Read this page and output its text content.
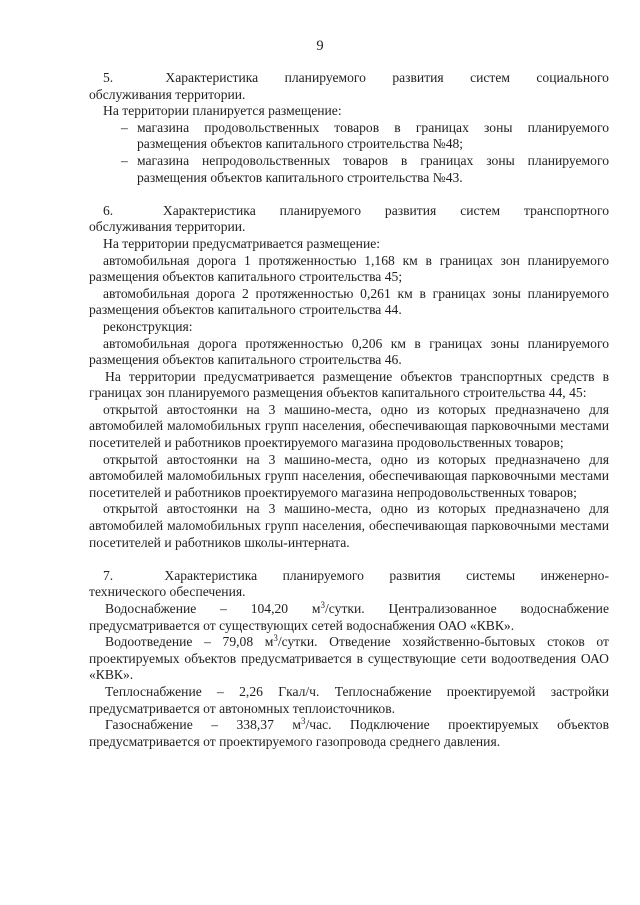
9
5.	Характеристика планируемого развития систем социального

обслуживания территории.

На территории планируется размещение:

– магазина продовольственных товаров в границах зоны планируемого размещения объектов капитального строительства №48;
– магазина непродовольственных товаров в границах зоны планируемого размещения объектов капитального строительства №43.
6.	Характеристика планируемого развития систем транспортного

обслуживания территории.

На территории предусматривается размещение:

автомобильная дорога 1 протяженностью 1,168 км в границах зон планируемого размещения объектов капитального строительства 45;

автомобильная дорога 2 протяженностью 0,261 км в границах зоны планируемого размещения объектов капитального строительства 44.

реконструкция:

автомобильная дорога протяженностью 0,206 км в границах зоны планируемого размещения объектов капитального строительства 46.

На территории предусматривается размещение объектов транспортных средств в границах зон планируемого размещения объектов капитального строительства 44, 45:

открытой автостоянки на 3 машино-места, одно из которых предназначено для автомобилей маломобильных групп населения, обеспечивающая парковочными местами посетителей и работников проектируемого магазина продовольственных товаров;

открытой автостоянки на 3 машино-места, одно из которых предназначено для автомобилей маломобильных групп населения, обеспечивающая парковочными местами посетителей и работников проектируемого магазина непродовольственных товаров;

открытой автостоянки на 3 машино-места, одно из которых предназначено для автомобилей маломобильных групп населения, обеспечивающая парковочными местами посетителей и работников школы-интерната.

7.	Характеристика планируемого развития системы инженерно-

технического обеспечения.

Водоснабжение – 104,20 $м^3$/сутки. Централизованное водоснабжение предусматривается от существующих сетей водоснабжения ОАО «КВК».

Водоотведение – 79,08 $м^3$/сутки. Отведение хозяйственно-бытовых стоков от проектируемых объектов предусматривается в существующие сети водоотведения ОАО «КВК».

Теплоснабжение – 2,26 Гкал/ч. Теплоснабжение проектируемой застройки предусматривается от автономных теплоисточников.

Газоснабжение – 338,37 $м^3$/час. Подключение проектируемых объектов предусматривается от проектируемого газопровода среднего давления.
